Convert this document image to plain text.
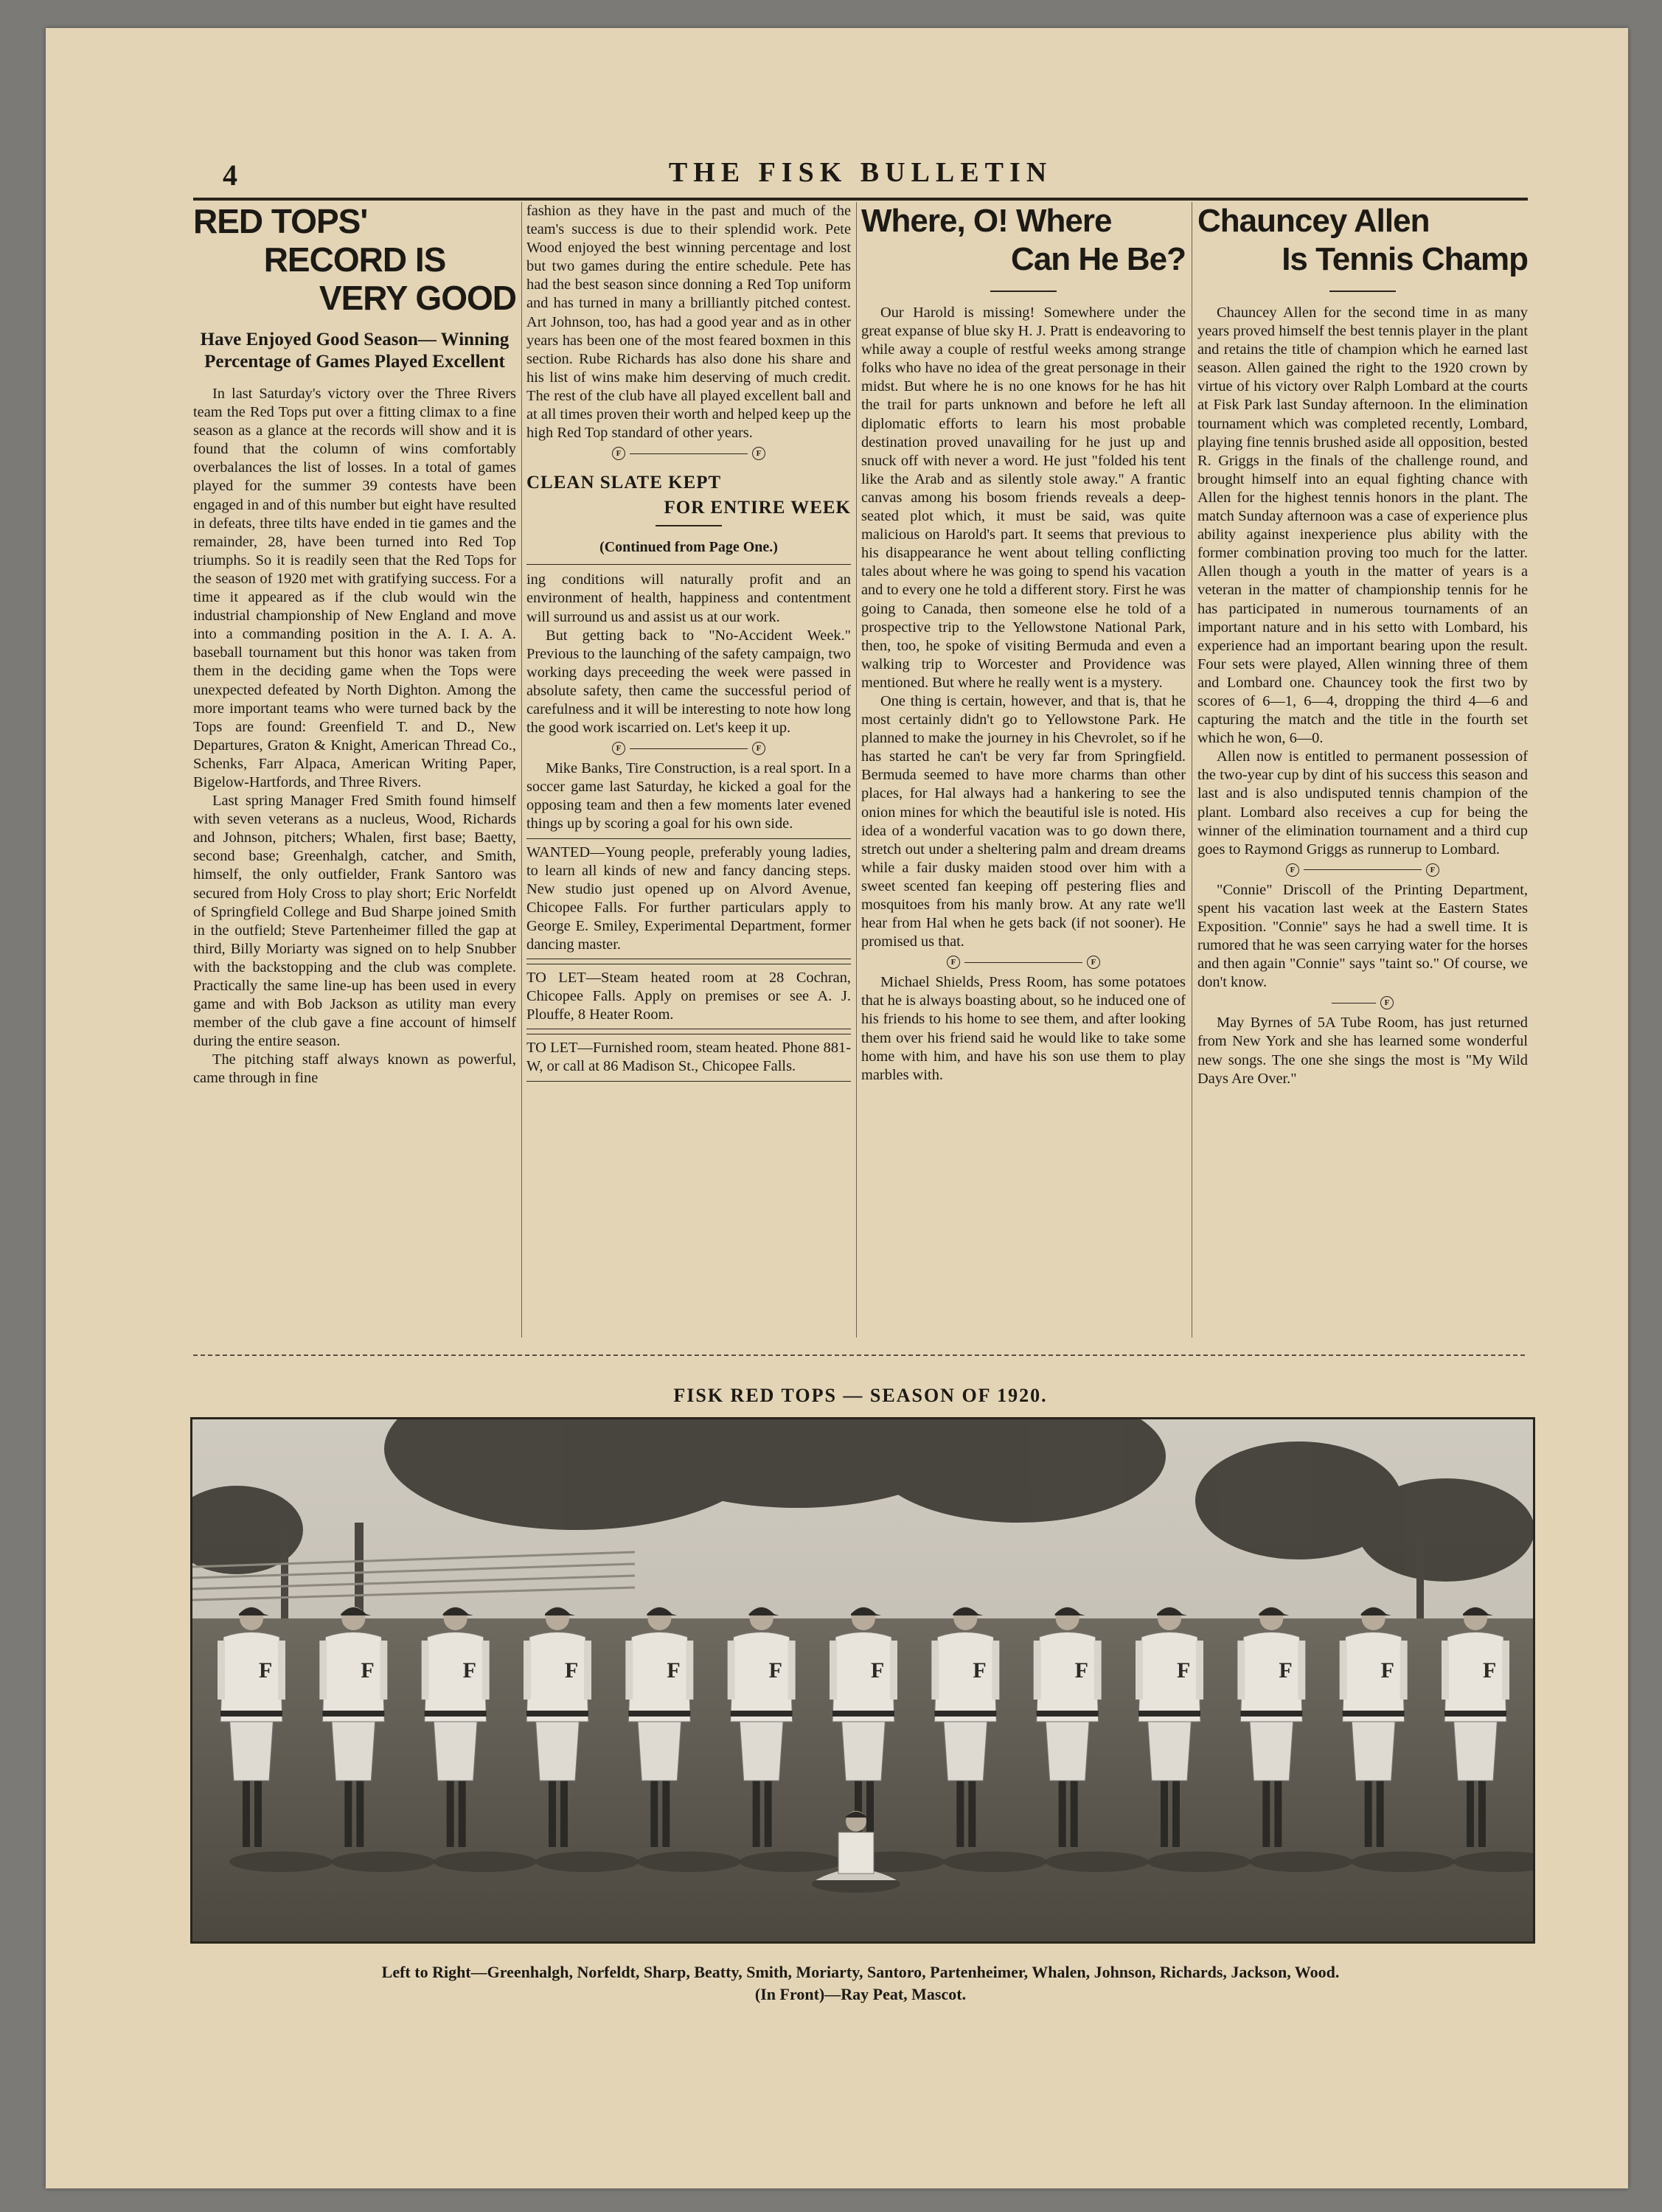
4	THE FISK BULLETIN
RED TOPS'
RECORD IS
VERY GOOD
Have Enjoyed Good Season— Winning Percentage of Games Played Excellent

In last Saturday's victory over the Three Rivers team the Red Tops put over a fitting climax to a fine season as a glance at the records will show and it is found that the column of wins comfortably overbalances the list of losses. In a total of games played for the summer 39 contests have been engaged in and of this number but eight have resulted in defeats, three tilts have ended in tie games and the remainder, 28, have been turned into Red Top triumphs. So it is readily seen that the Red Tops for the season of 1920 met with gratifying success. For a time it appeared as if the club would win the industrial championship of New England and move into a commanding position in the A. I. A. A. baseball tournament but this honor was taken from them in the deciding game when the Tops were unexpected defeated by North Dighton. Among the more important teams who were turned back by the Tops are found: Greenfield T. and D., New Departures, Graton & Knight, American Thread Co., Schenks, Farr Alpaca, American Writing Paper, Bigelow-Hartfords, and Three Rivers.

Last spring Manager Fred Smith found himself with seven veterans as a nucleus, Wood, Richards and Johnson, pitchers; Whalen, first base; Baetty, second base; Greenhalgh, catcher, and Smith, himself, the only outfielder, Frank Santoro was secured from Holy Cross to play short; Eric Norfeldt of Springfield College and Bud Sharpe joined Smith in the outfield; Steve Partenheimer filled the gap at third, Billy Moriarty was signed on to help Snubber with the backstopping and the club was complete. Practically the same line-up has been used in every game and with Bob Jackson as utility man every member of the club gave a fine account of himself during the entire season.

The pitching staff always known as powerful, came through in fine

fashion as they have in the past and much of the team's success is due to their splendid work. Pete Wood enjoyed the best winning percentage and lost but two games during the entire schedule. Pete has had the best season since donning a Red Top uniform and has turned in many a brilliantly pitched contest. Art Johnson, too, has had a good year and as in other years has been one of the most feared boxmen in this section. Rube Richards has also done his share and his list of wins make him deserving of much credit. The rest of the club have all played excellent ball and at all times proven their worth and helped keep up the high Red Top standard of other years.

F	F
CLEAN SLATE KEPT
FOR ENTIRE WEEK
(Continued from Page One.)

ing conditions will naturally profit and an environment of health, happiness and contentment will surround us and assist us at our work.

But getting back to "No-Accident Week." Previous to the launching of the safety campaign, two working days preceeding the week were passed in absolute safety, then came the successful period of carefulness and it will be interesting to note how long the good work iscarried on. Let's keep it up.

F	F

Mike Banks, Tire Construction, is a real sport. In a soccer game last Saturday, he kicked a goal for the opposing team and then a few moments later evened things up by scoring a goal for his own side.

WANTED—Young people, preferably young ladies, to learn all kinds of new and fancy dancing steps. New studio just opened up on Alvord Avenue, Chicopee Falls. For further particulars apply to George E. Smiley, Experimental Department, former dancing master.

TO LET—Steam heated room at 28 Cochran, Chicopee Falls. Apply on premises or see A. J. Plouffe, 8 Heater Room.

TO LET—Furnished room, steam heated. Phone 881-W, or call at 86 Madison St., Chicopee Falls.

Where, O! Where
Can He Be?

Our Harold is missing! Somewhere under the great expanse of blue sky H. J. Pratt is endeavoring to while away a couple of restful weeks among strange folks who have no idea of the great personage in their midst. But where he is no one knows for he has hit the trail for parts unknown and before he left all diplomatic efforts to learn his most probable destination proved unavailing for he just up and snuck off with never a word. He just "folded his tent like the Arab and as silently stole away." A frantic canvas among his bosom friends reveals a deep-seated plot which, it must be said, was quite malicious on Harold's part. It seems that previous to his disappearance he went about telling conflicting tales about where he was going to spend his vacation and to every one he told a different story. First he was going to Canada, then someone else he told of a prospective trip to the Yellowstone National Park, then, too, he spoke of visiting Bermuda and even a walking trip to Worcester and Providence was mentioned. But where he really went is a mystery.

One thing is certain, however, and that is, that he most certainly didn't go to Yellowstone Park. He planned to make the journey in his Chevrolet, so if he has started he can't be very far from Springfield. Bermuda seemed to have more charms than other places, for Hal always had a hankering to see the onion mines for which the beautiful isle is noted. His idea of a wonderful vacation was to go down there, stretch out under a sheltering palm and dream dreams while a fair dusky maiden stood over him with a sweet scented fan keeping off pestering flies and mosquitoes from his manly brow. At any rate we'll hear from Hal when he gets back (if not sooner). He promised us that.

F	F

Michael Shields, Press Room, has some potatoes that he is always boasting about, so he induced one of his friends to his home to see them, and after looking them over his friend said he would like to take some home with him, and have his son use them to play marbles with.

Chauncey Allen
Is Tennis Champ

Chauncey Allen for the second time in as many years proved himself the best tennis player in the plant and retains the title of champion which he earned last season. Allen gained the right to the 1920 crown by virtue of his victory over Ralph Lombard at the courts at Fisk Park last Sunday afternoon. In the elimination tournament which was completed recently, Lombard, playing fine tennis brushed aside all opposition, bested R. Griggs in the finals of the challenge round, and brought himself into an equal fighting chance with Allen for the highest tennis honors in the plant. The match Sunday afternoon was a case of experience plus ability against inexperience plus ability with the former combination proving too much for the latter. Allen though a youth in the matter of years is a veteran in the matter of championship tennis for he has participated in numerous tournaments of an important nature and in his setto with Lombard, his experience had an important bearing upon the result. Four sets were played, Allen winning three of them and Lombard one. Chauncey took the first two by scores of 6—1, 6—4, dropping the third 4—6 and capturing the match and the title in the fourth set which he won, 6—0.

Allen now is entitled to permanent possession of the two-year cup by dint of his success this season and last and is also undisputed tennis champion of the plant. Lombard also receives a cup for being the winner of the elimination tournament and a third cup goes to Raymond Griggs as runnerup to Lombard.

F	F

"Connie" Driscoll of the Printing Department, spent his vacation last week at the Eastern States Exposition. "Connie" says he had a swell time. It is rumored that he was seen carrying water for the horses and then again "Connie" says "taint so." Of course, we don't know.

F

May Byrnes of 5A Tube Room, has just returned from New York and she has learned some wonderful new songs. The one she sings the most is "My Wild Days Are Over."

FISK RED TOPS — SEASON OF 1920.
F	F	F	F	F	F	F	F	F	F	F	F	F
Left to Right—Greenhalgh, Norfeldt, Sharp, Beatty, Smith, Moriarty, Santoro, Partenheimer, Whalen, Johnson, Richards, Jackson, Wood.
(In Front)—Ray Peat, Mascot.
